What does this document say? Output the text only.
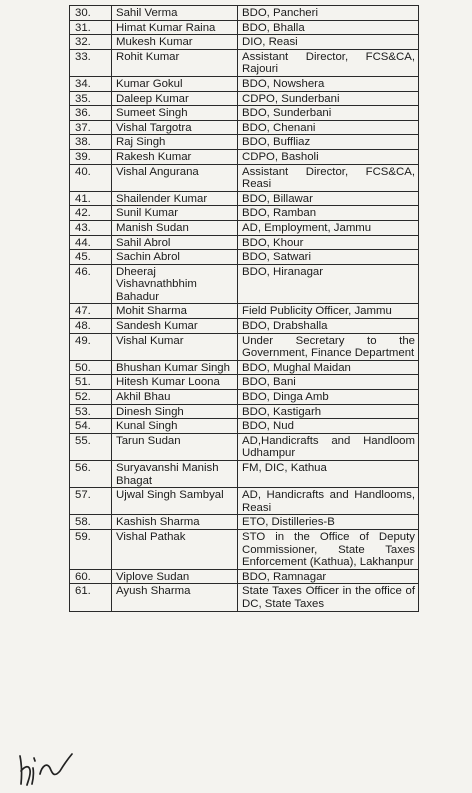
30.	Sahil Verma	BDO, Pancheri
31.	Himat Kumar Raina	BDO, Bhalla
32.	Mukesh Kumar	DIO, Reasi
33.	Rohit Kumar	Assistant Director, FCS&CA, Rajouri
34.	Kumar Gokul	BDO, Nowshera
35.	Daleep Kumar	CDPO, Sunderbani
36.	Sumeet Singh	BDO, Sunderbani
37.	Vishal Targotra	BDO, Chenani
38.	Raj Singh	BDO, Buffliaz
39.	Rakesh Kumar	CDPO, Basholi
40.	Vishal Angurana	Assistant Director, FCS&CA, Reasi
41.	Shailender Kumar	BDO, Billawar
42.	Sunil Kumar	BDO, Ramban
43.	Manish Sudan	AD, Employment, Jammu
44.	Sahil Abrol	BDO, Khour
45.	Sachin Abrol	BDO, Satwari
46.	Dheeraj Vishavnathbhim Bahadur	BDO, Hiranagar
47.	Mohit Sharma	Field Publicity Officer, Jammu
48.	Sandesh Kumar	BDO, Drabshalla
49.	Vishal Kumar	Under Secretary to the Government, Finance Department
50.	Bhushan Kumar Singh	BDO, Mughal Maidan
51.	Hitesh Kumar Loona	BDO, Bani
52.	Akhil Bhau	BDO, Dinga Amb
53.	Dinesh Singh	BDO, Kastigarh
54.	Kunal Singh	BDO, Nud
55.	Tarun Sudan	AD,Handicrafts and Handloom Udhampur
56.	Suryavanshi Manish Bhagat	FM, DIC, Kathua
57.	Ujwal Singh Sambyal	AD, Handicrafts and Handlooms, Reasi
58.	Kashish Sharma	ETO, Distilleries-B
59.	Vishal Pathak	STO in the Office of Deputy Commissioner, State Taxes Enforcement (Kathua), Lakhanpur
60.	Viplove Sudan	BDO, Ramnagar
61.	Ayush Sharma	State Taxes Officer in the office of DC, State Taxes
